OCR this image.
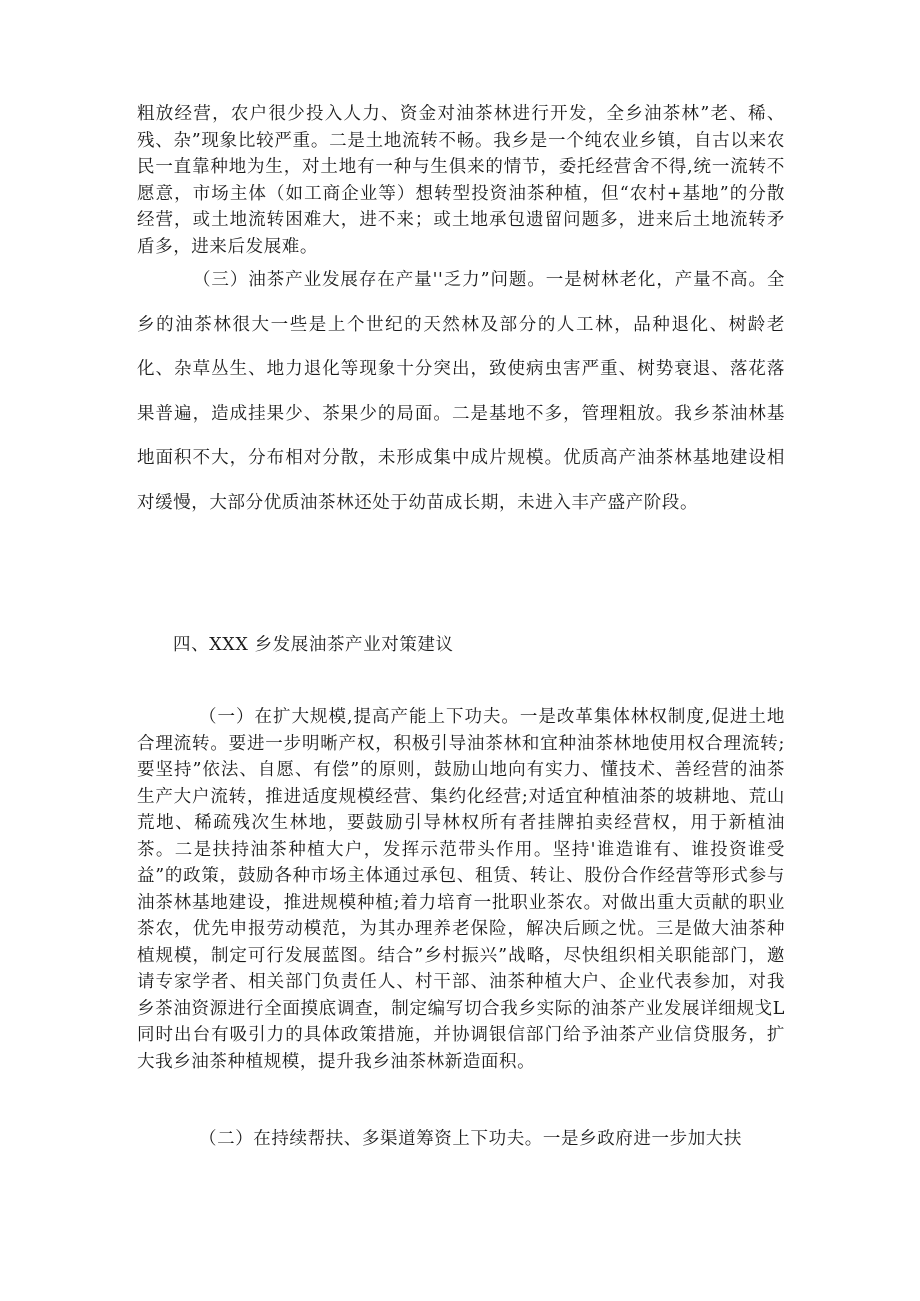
粗放经营，农户很少投入人力、资金对油茶林进行开发，全乡油茶林”老、稀、残、杂”现象比较严重。二是土地流转不畅。我乡是一个纯农业乡镇，自古以来农民一直靠种地为生，对土地有一种与生俱来的情节，委托经营舍不得,统一流转不愿意，市场主体（如工商企业等）想转型投资油茶种植，但“农村+基地”的分散经营，或土地流转困难大，进不来；或土地承包遗留问题多，进来后土地流转矛盾多，进来后发展难。

（三）油茶产业发展存在产量''乏力”问题。一是树林老化，产量不高。全乡的油茶林很大一些是上个世纪的天然林及部分的人工林，品种退化、树龄老化、杂草丛生、地力退化等现象十分突出，致使病虫害严重、树势衰退、落花落果普遍，造成挂果少、茶果少的局面。二是基地不多，管理粗放。我乡茶油林基地面积不大，分布相对分散，未形成集中成片规模。优质高产油茶林基地建设相对缓慢，大部分优质油茶林还处于幼苗成长期，未进入丰产盛产阶段。

四、XXX 乡发展油茶产业对策建议

（一）在扩大规模,提高产能上下功夫。一是改革集体林权制度,促进土地合理流转。要进一步明晰产权，积极引导油茶林和宜种油茶林地使用权合理流转;要坚持”依法、自愿、有偿”的原则，鼓励山地向有实力、懂技术、善经营的油茶生产大户流转，推进适度规模经营、集约化经营;对适宜种植油茶的坡耕地、荒山荒地、稀疏残次生林地，要鼓励引导林权所有者挂牌拍卖经营权，用于新植油茶。二是扶持油茶种植大户，发挥示范带头作用。坚持'谁造谁有、谁投资谁受益”的政策，鼓励各种市场主体通过承包、租赁、转让、股份合作经营等形式参与油茶林基地建设，推进规模种植;着力培育一批职业茶农。对做出重大贡献的职业茶农，优先申报劳动模范，为其办理养老保险，解决后顾之忧。三是做大油茶种植规模，制定可行发展蓝图。结合”乡村振兴”战略，尽快组织相关职能部门，邀请专家学者、相关部门负责任人、村干部、油茶种植大户、企业代表参加，对我乡茶油资源进行全面摸底调查，制定编写切合我乡实际的油茶产业发展详细规戈L同时出台有吸引力的具体政策措施，并协调银信部门给予油茶产业信贷服务，扩大我乡油茶种植规模，提升我乡油茶林新造面积。

（二）在持续帮扶、多渠道筹资上下功夫。一是乡政府进一步加大扶
